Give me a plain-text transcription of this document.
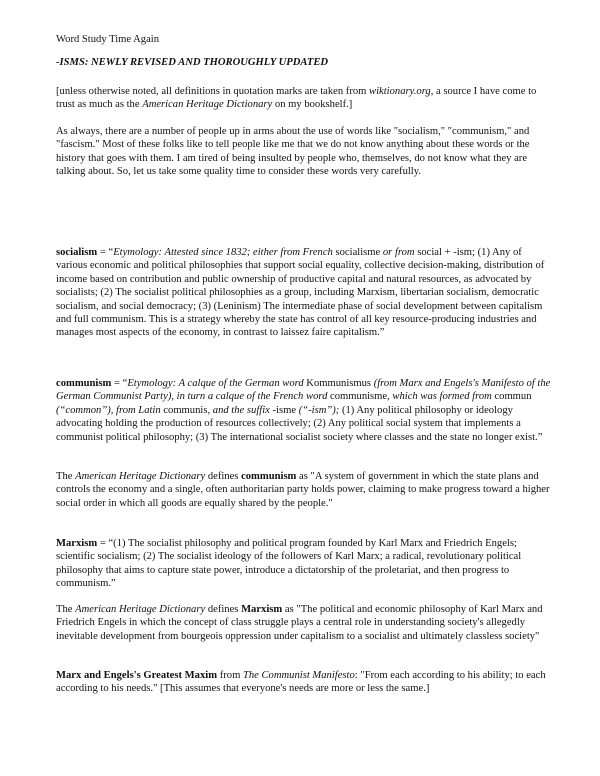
Word Study Time Again

-ISMS: NEWLY REVISED AND THOROUGHLY UPDATED

[unless otherwise noted, all definitions in quotation marks are taken from wiktionary.org, a source I have come to trust as much as the American Heritage Dictionary on my bookshelf.]

As always, there are a number of people up in arms about the use of words like "socialism," "communism," and "fascism." Most of these folks like to tell people like me that we do not know anything about these words or the history that goes with them. I am tired of being insulted by people who, themselves, do not know what they are talking about. So, let us take some quality time to consider these words very carefully.

socialism = “Etymology: Attested since 1832; either from French socialisme or from social + -ism; (1) Any of various economic and political philosophies that support social equality, collective decision-making, distribution of income based on contribution and public ownership of productive capital and natural resources, as advocated by socialists; (2) The socialist political philosophies as a group, including Marxism, libertarian socialism, democratic socialism, and social democracy; (3) (Leninism) The intermediate phase of social development between capitalism and full communism. This is a strategy whereby the state has control of all key resource-producing industries and manages most aspects of the economy, in contrast to laissez faire capitalism.”

communism = “Etymology: A calque of the German word Kommunismus (from Marx and Engels's Manifesto of the German Communist Party), in turn a calque of the French word communisme, which was formed from commun (“common”), from Latin communis, and the suffix -isme (“-ism”); (1) Any political philosophy or ideology advocating holding the production of resources collectively; (2) Any political social system that implements a communist political philosophy; (3) The international socialist society where classes and the state no longer exist.”

The American Heritage Dictionary defines communism as "A system of government in which the state plans and controls the economy and a single, often authoritarian party holds power, claiming to make progress toward a higher social order in which all goods are equally shared by the people."

Marxism = “(1) The socialist philosophy and political program founded by Karl Marx and Friedrich Engels; scientific socialism; (2) The socialist ideology of the followers of Karl Marx; a radical, revolutionary political philosophy that aims to capture state power, introduce a dictatorship of the proletariat, and then progress to communism.”

The American Heritage Dictionary defines Marxism as "The political and economic philosophy of Karl Marx and Friedrich Engels in which the concept of class struggle plays a central role in understanding society's allegedly inevitable development from bourgeois oppression under capitalism to a socialist and ultimately classless society"

Marx and Engels's Greatest Maxim from The Communist Manifesto: "From each according to his ability; to each according to his needs." [This assumes that everyone's needs are more or less the same.]
